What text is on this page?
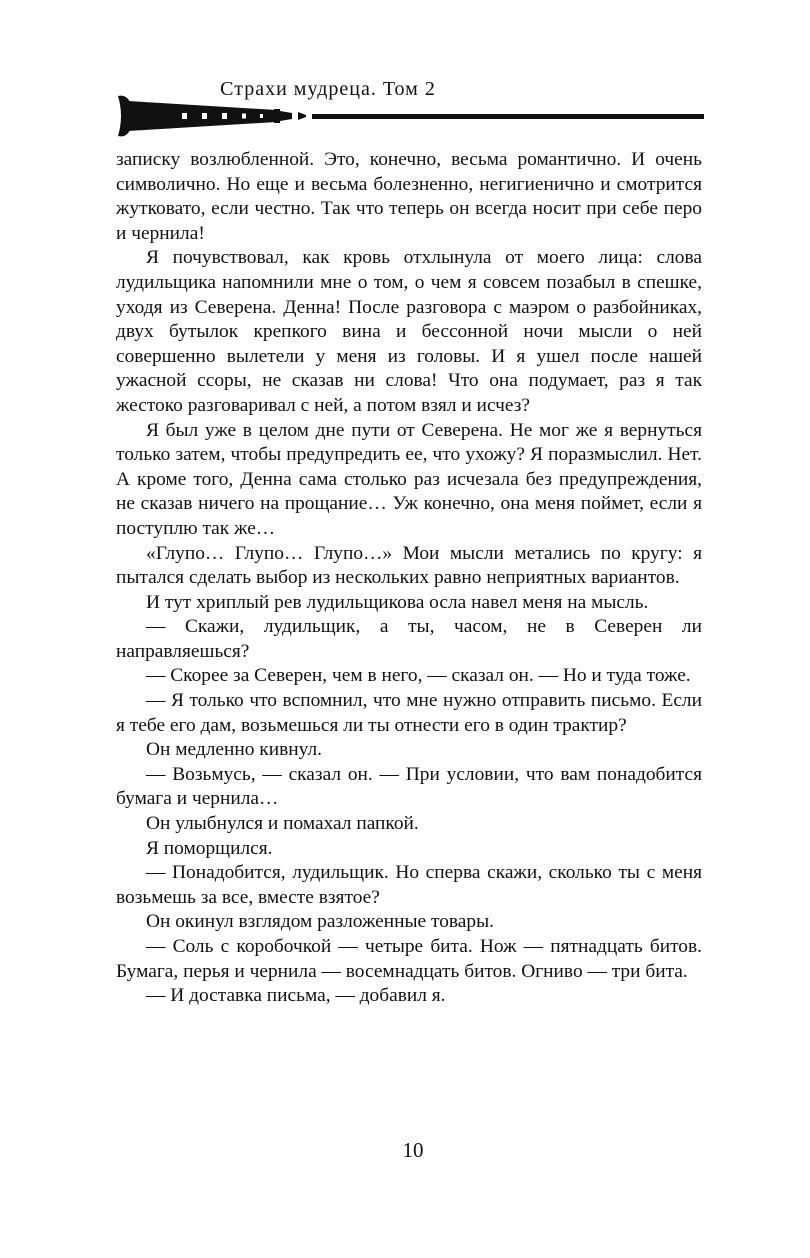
Страхи мудреца. Том 2

записку возлюбленной. Это, конечно, весьма романтично. И очень символично. Но еще и весьма болезненно, негигиенично и смотрится жутковато, если честно. Так что теперь он всегда носит при себе перо и чернила!

Я почувствовал, как кровь отхлынула от моего лица: слова лудильщика напомнили мне о том, о чем я совсем позабыл в спешке, уходя из Северена. Денна! После разговора с маэром о разбойниках, двух бутылок крепкого вина и бессонной ночи мысли о ней совершенно вылетели у меня из головы. И я ушел после нашей ужасной ссоры, не сказав ни слова! Что она подумает, раз я так жестоко разговаривал с ней, а потом взял и исчез?

Я был уже в целом дне пути от Северена. Не мог же я вернуться только затем, чтобы предупредить ее, что ухожу? Я поразмыслил. Нет. А кроме того, Денна сама столько раз исчезала без предупреждения, не сказав ничего на прощание… Уж конечно, она меня поймет, если я поступлю так же…

«Глупо… Глупо… Глупо…» Мои мысли метались по кругу: я пытался сделать выбор из нескольких равно неприятных вариантов.

И тут хриплый рев лудильщикова осла навел меня на мысль.

— Скажи, лудильщик, а ты, часом, не в Северен ли направляешься?

— Скорее за Северен, чем в него, — сказал он. — Но и туда тоже.

— Я только что вспомнил, что мне нужно отправить письмо. Если я тебе его дам, возьмешься ли ты отнести его в один трактир?

Он медленно кивнул.

— Возьмусь, — сказал он. — При условии, что вам понадобится бумага и чернила…

Он улыбнулся и помахал папкой.

Я поморщился.

— Понадобится, лудильщик. Но сперва скажи, сколько ты с меня возьмешь за все, вместе взятое?

Он окинул взглядом разложенные товары.

— Соль с коробочкой — четыре бита. Нож — пятнадцать битов. Бумага, перья и чернила — восемнадцать битов. Огниво — три бита.

— И доставка письма, — добавил я.

10
